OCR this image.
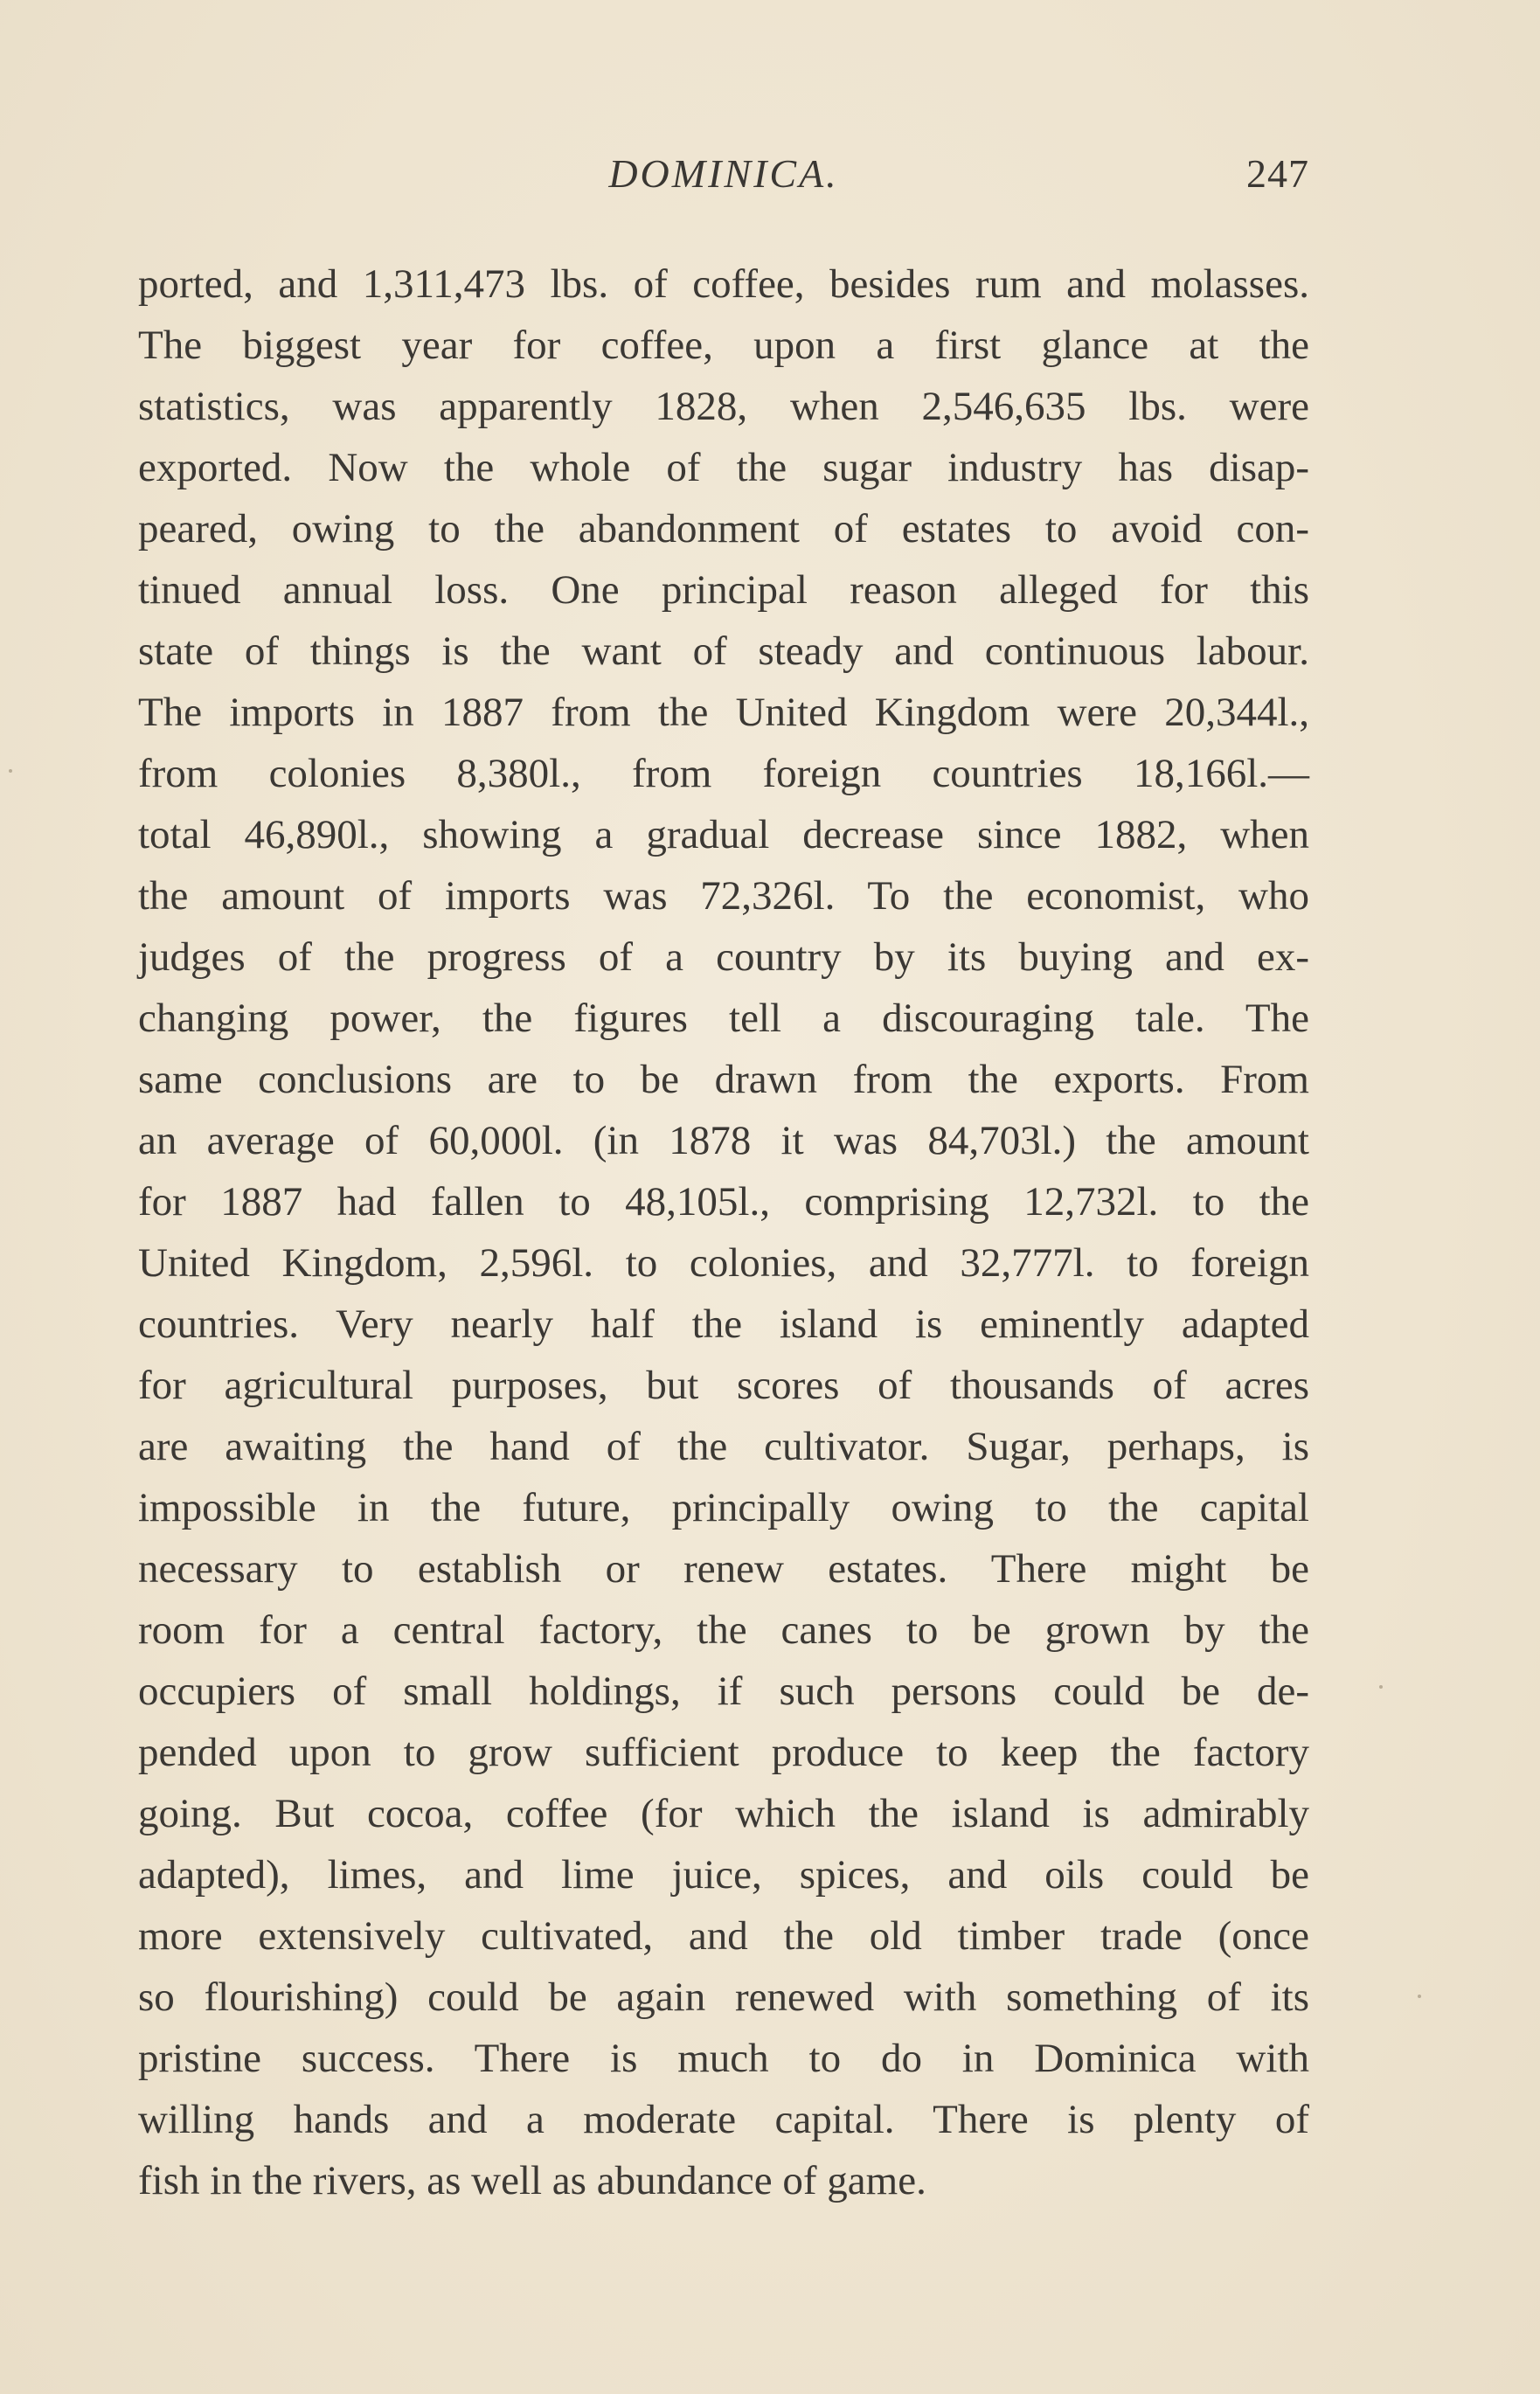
DOMINICA.	247
ported, and 1,311,473 lbs. of coffee, besides rum and molasses.
The biggest year for coffee, upon a first glance at the
statistics, was apparently 1828, when 2,546,635 lbs. were
exported. Now the whole of the sugar industry has disap-
peared, owing to the abandonment of estates to avoid con-
tinued annual loss. One principal reason alleged for this
state of things is the want of steady and continuous labour.
The imports in 1887 from the United Kingdom were 20,344l.,
from colonies 8,380l., from foreign countries 18,166l.—
total 46,890l., showing a gradual decrease since 1882, when
the amount of imports was 72,326l. To the economist, who
judges of the progress of a country by its buying and ex-
changing power, the figures tell a discouraging tale. The
same conclusions are to be drawn from the exports. From
an average of 60,000l. (in 1878 it was 84,703l.) the amount
for 1887 had fallen to 48,105l., comprising 12,732l. to the
United Kingdom, 2,596l. to colonies, and 32,777l. to foreign
countries. Very nearly half the island is eminently adapted
for agricultural purposes, but scores of thousands of acres
are awaiting the hand of the cultivator. Sugar, perhaps, is
impossible in the future, principally owing to the capital
necessary to establish or renew estates. There might be
room for a central factory, the canes to be grown by the
occupiers of small holdings, if such persons could be de-
pended upon to grow sufficient produce to keep the factory
going. But cocoa, coffee (for which the island is admirably
adapted), limes, and lime juice, spices, and oils could be
more extensively cultivated, and the old timber trade (once
so flourishing) could be again renewed with something of its
pristine success. There is much to do in Dominica with
willing hands and a moderate capital. There is plenty of
fish in the rivers, as well as abundance of game.
